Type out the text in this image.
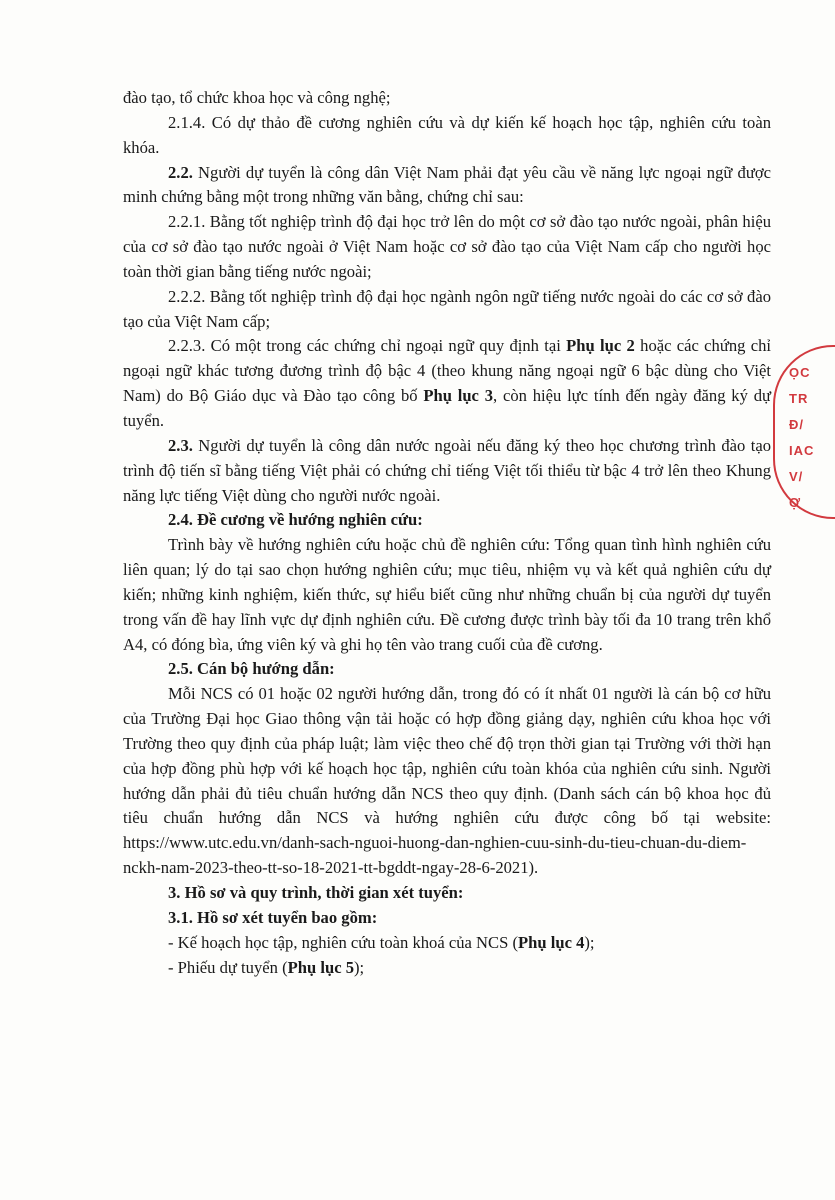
đào tạo, tổ chức khoa học và công nghệ;

2.1.4. Có dự thảo đề cương nghiên cứu và dự kiến kế hoạch học tập, nghiên cứu toàn khóa.

2.2. Người dự tuyển là công dân Việt Nam phải đạt yêu cầu về năng lực ngoại ngữ được minh chứng bằng một trong những văn bằng, chứng chỉ sau:

2.2.1. Bằng tốt nghiệp trình độ đại học trở lên do một cơ sở đào tạo nước ngoài, phân hiệu của cơ sở đào tạo nước ngoài ở Việt Nam hoặc cơ sở đào tạo của Việt Nam cấp cho người học toàn thời gian bằng tiếng nước ngoài;

2.2.2. Bằng tốt nghiệp trình độ đại học ngành ngôn ngữ tiếng nước ngoài do các cơ sở đào tạo của Việt Nam cấp;

2.2.3. Có một trong các chứng chỉ ngoại ngữ quy định tại Phụ lục 2 hoặc các chứng chỉ ngoại ngữ khác tương đương trình độ bậc 4 (theo khung năng ngoại ngữ 6 bậc dùng cho Việt Nam) do Bộ Giáo dục và Đào tạo công bố Phụ lục 3, còn hiệu lực tính đến ngày đăng ký dự tuyển.

2.3. Người dự tuyển là công dân nước ngoài nếu đăng ký theo học chương trình đào tạo trình độ tiến sĩ bằng tiếng Việt phải có chứng chỉ tiếng Việt tối thiểu từ bậc 4 trở lên theo Khung năng lực tiếng Việt dùng cho người nước ngoài.

2.4. Đề cương về hướng nghiên cứu:

Trình bày về hướng nghiên cứu hoặc chủ đề nghiên cứu: Tổng quan tình hình nghiên cứu liên quan; lý do tại sao chọn hướng nghiên cứu; mục tiêu, nhiệm vụ và kết quả nghiên cứu dự kiến; những kinh nghiệm, kiến thức, sự hiểu biết cũng như những chuẩn bị của người dự tuyển trong vấn đề hay lĩnh vực dự định nghiên cứu. Đề cương được trình bày tối đa 10 trang trên khổ A4, có đóng bìa, ứng viên ký và ghi họ tên vào trang cuối của đề cương.

2.5. Cán bộ hướng dẫn:

Mỗi NCS có 01 hoặc 02 người hướng dẫn, trong đó có ít nhất 01 người là cán bộ cơ hữu của Trường Đại học Giao thông vận tải hoặc có hợp đồng giảng dạy, nghiên cứu khoa học với Trường theo quy định của pháp luật; làm việc theo chế độ trọn thời gian tại Trường với thời hạn của hợp đồng phù hợp với kế hoạch học tập, nghiên cứu toàn khóa của nghiên cứu sinh. Người hướng dẫn phải đủ tiêu chuẩn hướng dẫn NCS theo quy định. (Danh sách cán bộ khoa học đủ tiêu chuẩn hướng dẫn NCS và hướng nghiên cứu được công bố tại website: https://www.utc.edu.vn/danh-sach-nguoi-huong-dan-nghien-cuu-sinh-du-tieu-chuan-du-diem-nckh-nam-2023-theo-tt-so-18-2021-tt-bgddt-ngay-28-6-2021).

3. Hồ sơ và quy trình, thời gian xét tuyển:

3.1. Hồ sơ xét tuyển bao gồm:

- Kế hoạch học tập, nghiên cứu toàn khoá của NCS (Phụ lục 4);

- Phiếu dự tuyển (Phụ lục 5);

ỌC
TR
Đ/
IAC
V/
Ợ
